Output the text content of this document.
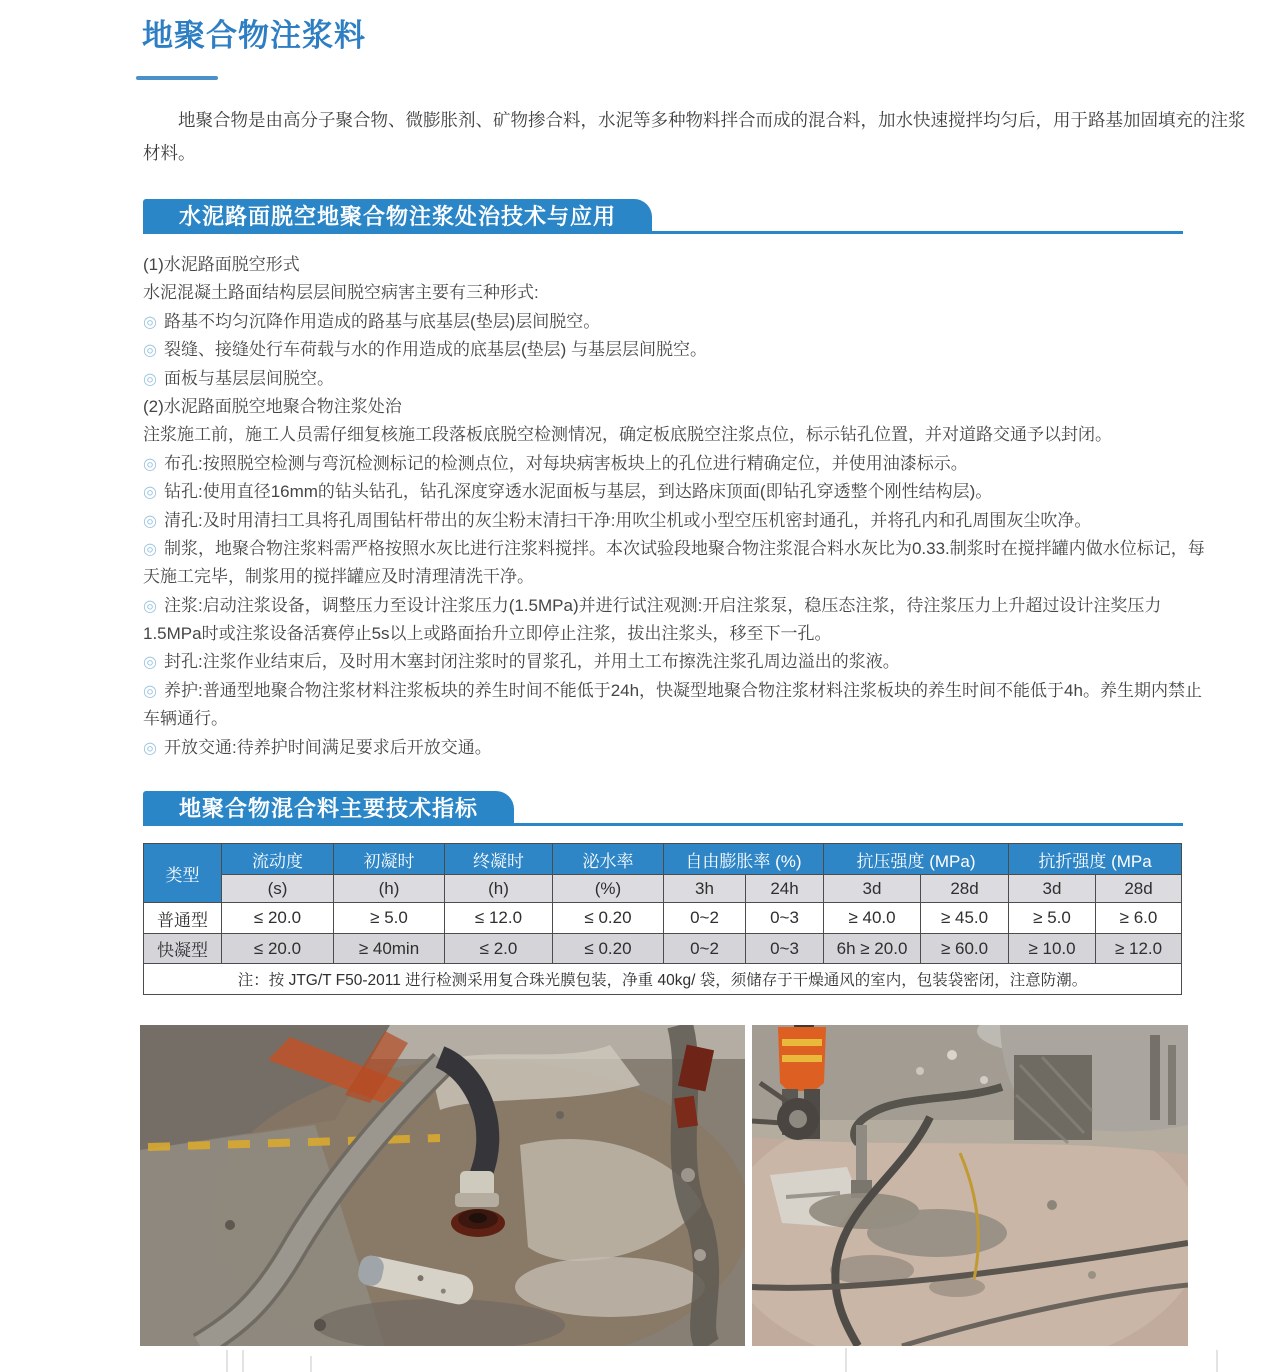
地聚合物注浆料
地聚合物是由高分子聚合物、微膨胀剂、矿物掺合料，水泥等多种物料拌合而成的混合料，加水快速搅拌均匀后，用于路基加固填充的注浆
材料。
水泥路面脱空地聚合物注浆处治技术与应用
(1)水泥路面脱空形式
水泥混凝土路面结构层层间脱空病害主要有三种形式:
◎ 路基不均匀沉降作用造成的路基与底基层(垫层)层间脱空。
◎ 裂缝、接缝处行车荷载与水的作用造成的底基层(垫层) 与基层层间脱空。
◎ 面板与基层层间脱空。
(2)水泥路面脱空地聚合物注浆处治
注浆施工前，施工人员需仔细复核施工段落板底脱空检测情况，确定板底脱空注浆点位，标示钻孔位置，并对道路交通予以封闭。
◎ 布孔:按照脱空检测与弯沉检测标记的检测点位，对每块病害板块上的孔位进行精确定位，并使用油漆标示。
◎ 钻孔:使用直径16mm的钻头钻孔，钻孔深度穿透水泥面板与基层，到达路床顶面(即钻孔穿透整个刚性结构层)。
◎ 清孔:及时用清扫工具将孔周围钻杆带出的灰尘粉末清扫干净:用吹尘机或小型空压机密封通孔，并将孔内和孔周围灰尘吹净。
◎ 制浆，地聚合物注浆料需严格按照水灰比进行注浆料搅拌。本次试验段地聚合物注浆混合料水灰比为0.33.制浆时在搅拌罐内做水位标记，每
天施工完毕，制浆用的搅拌罐应及时清理清洗干净。
◎ 注浆:启动注浆设备，调整压力至设计注浆压力(1.5MPa)并进行试注观测:开启注浆泵，稳压态注浆，待注浆压力上升超过设计注奖压力
1.5MPa时或注浆设备活赛停止5s以上或路面抬升立即停止注浆，拔出注浆头，移至下一孔。
◎ 封孔:注浆作业结束后，及时用木塞封闭注浆时的冒浆孔，并用土工布擦洗注浆孔周边溢出的浆液。
◎ 养护:普通型地聚合物注浆材料注浆板块的养生时间不能低于24h，快凝型地聚合物注浆材料注浆板块的养生时间不能低于4h。养生期内禁止
车辆通行。
◎ 开放交通:待养护时间满足要求后开放交通。
地聚合物混合料主要技术指标
类型	流动度	初凝时	终凝时	泌水率	自由膨胀率 (%)		抗压强度 (MPa)		抗折强度 (MPa	
	(s)	(h)	(h)	(%)	3h	24h	3d	28d	3d	28d
普通型	≤ 20.0	≥ 5.0	≤ 12.0	≤ 0.20	0~2	0~3	≥ 40.0	≥ 45.0	≥ 5.0	≥ 6.0
快凝型	≤ 20.0	≥ 40min	≤ 2.0	≤ 0.20	0~2	0~3	6h ≥ 20.0	≥ 60.0	≥ 10.0	≥ 12.0
注：按 JTG/T F50-2011 进行检测采用复合珠光膜包装，净重 40kg/ 袋，须储存于干燥通风的室内，包装袋密闭，注意防潮。										
